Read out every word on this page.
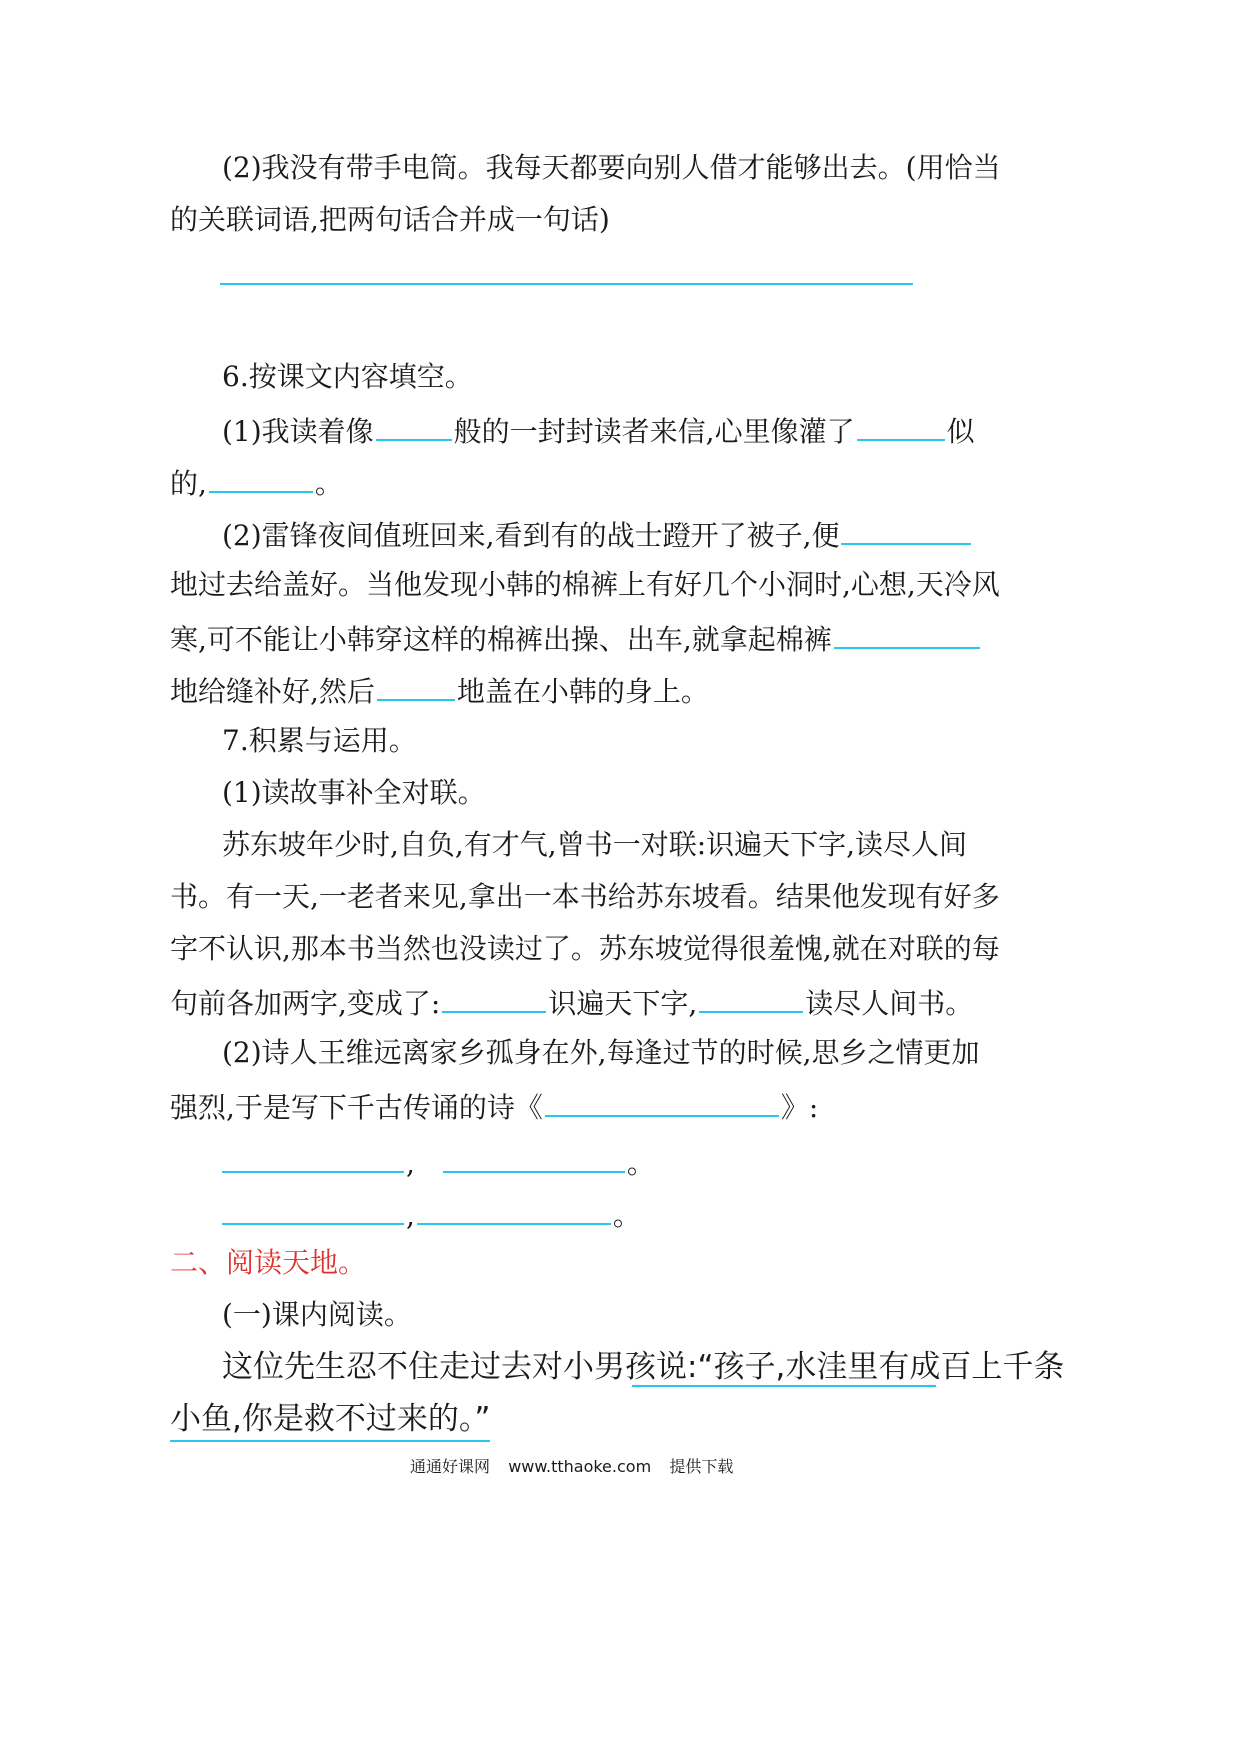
(2)我没有带手电筒。我每天都要向别人借才能够出去。(用恰当
的关联词语,把两句话合并成一句话)
6.按课文内容填空。
(1)我读着像	般的一封封读者来信,心里像灌了	似
的,	。
(2)雷锋夜间值班回来,看到有的战士蹬开了被子,便
地过去给盖好。当他发现小韩的棉裤上有好几个小洞时,心想,天冷风
寒,可不能让小韩穿这样的棉裤出操、出车,就拿起棉裤
地给缝补好,然后	地盖在小韩的身上。
7.积累与运用。
(1)读故事补全对联。
苏东坡年少时,自负,有才气,曾书一对联:识遍天下字,读尽人间
书。有一天,一老者来见,拿出一本书给苏东坡看。结果他发现有好多
字不认识,那本书当然也没读过了。苏东坡觉得很羞愧,就在对联的每
句前各加两字,变成了:	识遍天下字,	读尽人间书。
(2)诗人王维远离家乡孤身在外,每逢过节的时候,思乡之情更加
强烈,于是写下千古传诵的诗《	》:
,	。
,	。
二、阅读天地。
(一)课内阅读。
这位先生忍不住走过去对小男孩说:“孩子,水洼里有成百上千条
小鱼,你是救不过来的。”
通通好课网 www.tthaoke.com 提供下载
